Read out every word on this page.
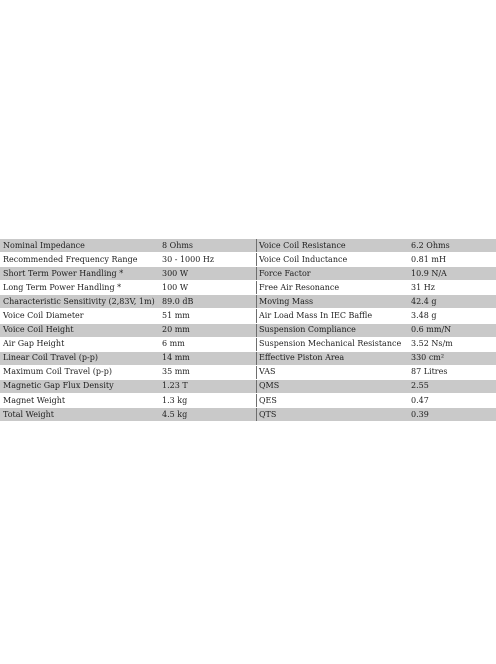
Nominal Impedance	8 Ohms	Voice Coil Resistance	6.2 Ohms
Recommended Frequency Range	30 - 1000 Hz	Voice Coil Inductance	0.81 mH
Short Term Power Handling *	300 W	Force Factor	10.9 N/A
Long Term Power Handling *	100 W	Free Air Resonance	31 Hz
Characteristic Sensitivity (2,83V, 1m)	89.0 dB	Moving Mass	42.4 g
Voice Coil Diameter	51 mm	Air Load Mass In IEC Baffle	3.48 g
Voice Coil Height	20 mm	Suspension Compliance	0.6 mm/N
Air Gap Height	6 mm	Suspension Mechanical Resistance	3.52 Ns/m
Linear Coil Travel (p-p)	14 mm	Effective Piston Area	330 cm²
Maximum Coil Travel (p-p)	35 mm	VAS	87 Litres
Magnetic Gap Flux Density	1.23 T	QMS	2.55
Magnet Weight	1.3 kg	QES	0.47
Total Weight	4.5 kg	QTS	0.39
